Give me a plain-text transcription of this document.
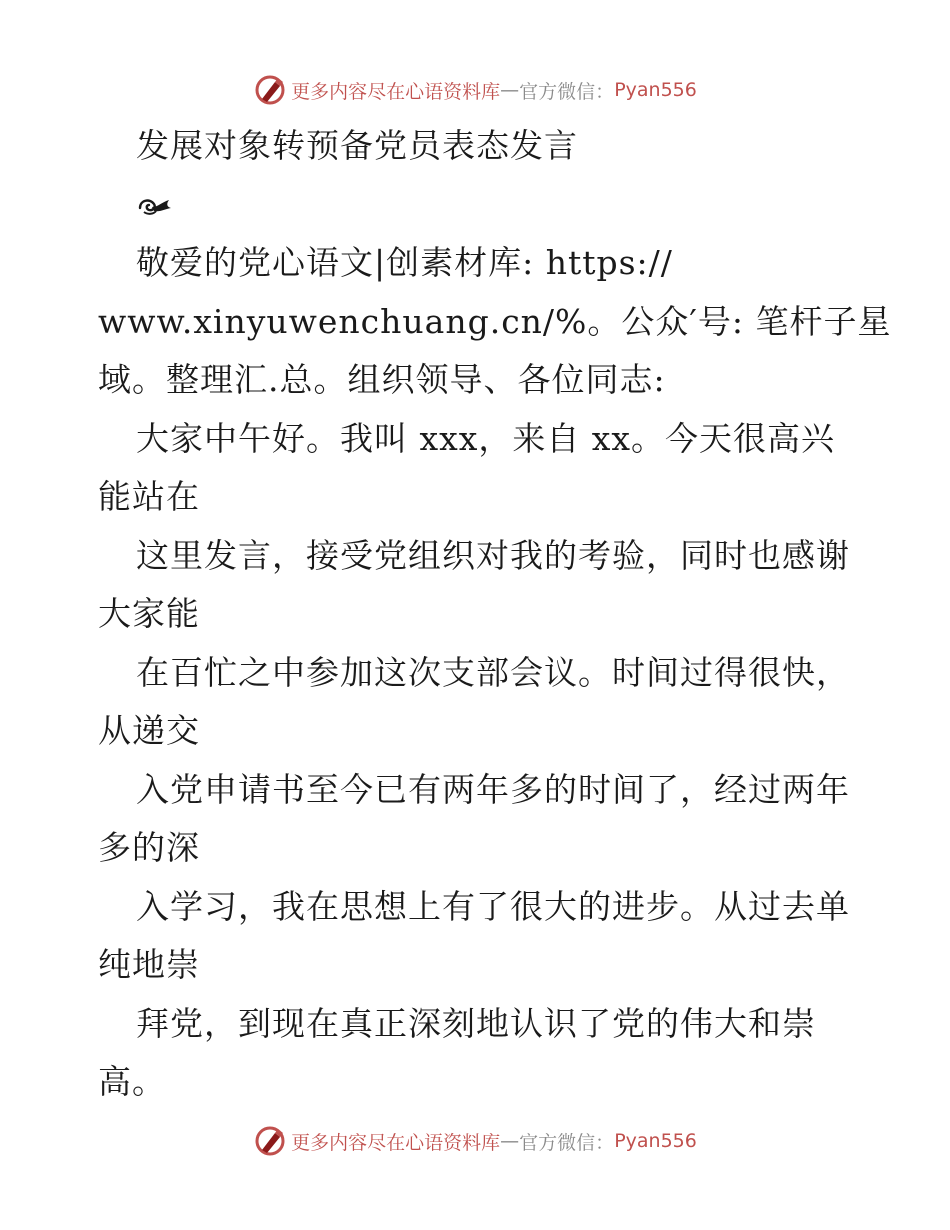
更多内容尽在心语资料库 — 官方微信： Pyan556
发展对象转预备党员表态发言
敬爱的党心语文|创素材库: https://
www.xinyuwenchuang.cn/%。公众′号: 笔杆子星
域。整理汇.总。组织领导、各位同志:
大家中午好。我叫 xxx，来自 xx。今天很高兴
能站在
这里发言，接受党组织对我的考验，同时也感谢
大家能
在百忙之中参加这次支部会议。时间过得很快，
从递交
入党申请书至今已有两年多的时间了，经过两年
多的深
入学习，我在思想上有了很大的进步。从过去单
纯地崇
拜党，到现在真正深刻地认识了党的伟大和崇
高。
更多内容尽在心语资料库 — 官方微信： Pyan556
